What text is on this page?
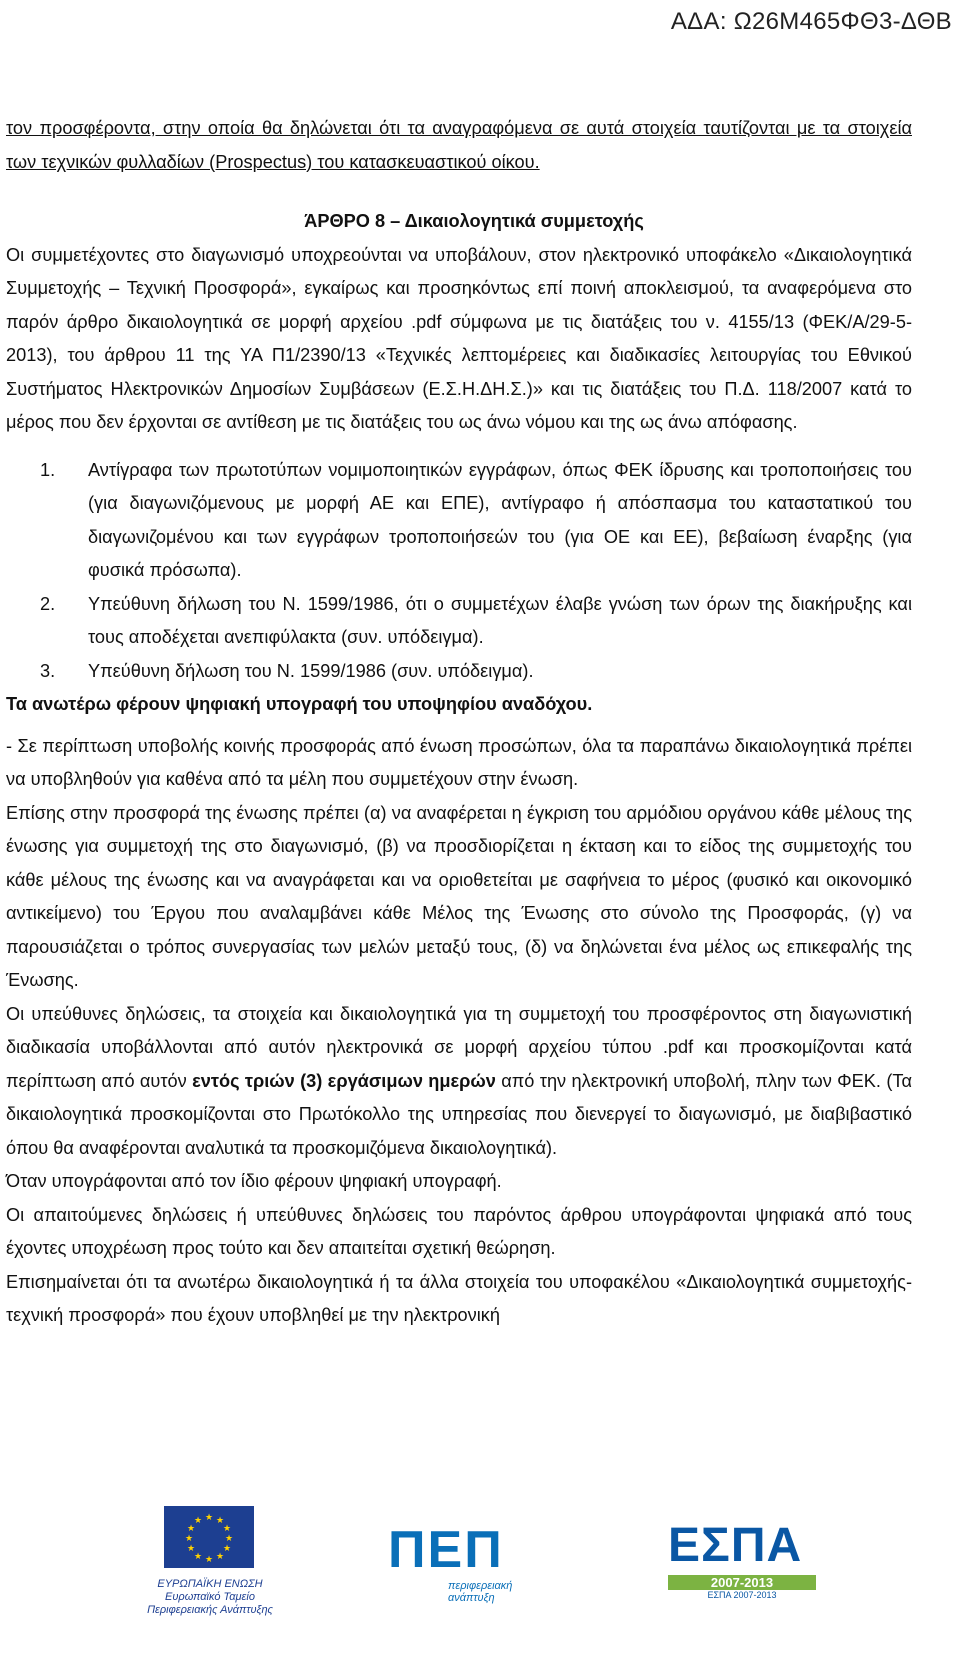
ΑΔΑ: Ω26Μ465ΦΘ3-ΔΘΒ

τον προσφέροντα, στην οποία θα δηλώνεται ότι τα αναγραφόμενα σε αυτά στοιχεία ταυτίζονται με τα στοιχεία των τεχνικών φυλλαδίων (Prospectus) του κατασκευαστικού οίκου.

ΆΡΘΡΟ 8 – Δικαιολογητικά συμμετοχής

Οι συμμετέχοντες στο διαγωνισμό υποχρεούνται να υποβάλουν, στον ηλεκτρονικό υποφάκελο «Δικαιολογητικά Συμμετοχής – Τεχνική Προσφορά», εγκαίρως και προσηκόντως επί ποινή αποκλεισμού, τα αναφερόμενα στο παρόν άρθρο δικαιολογητικά σε μορφή αρχείου .pdf σύμφωνα με τις διατάξεις του ν. 4155/13 (ΦΕΚ/Α/29-5-2013), του άρθρου 11 της ΥΑ Π1/2390/13 «Τεχνικές λεπτομέρειες και διαδικασίες λειτουργίας του Εθνικού Συστήματος Ηλεκτρονικών Δημοσίων Συμβάσεων (Ε.Σ.Η.ΔΗ.Σ.)» και τις διατάξεις του Π.Δ. 118/2007 κατά το μέρος που δεν έρχονται σε αντίθεση με τις διατάξεις του ως άνω νόμου και της ως άνω απόφασης.

1.	Αντίγραφα των πρωτοτύπων νομιμοποιητικών εγγράφων, όπως ΦΕΚ ίδρυσης και τροποποιήσεις του (για διαγωνιζόμενους με μορφή ΑΕ και ΕΠΕ), αντίγραφο ή απόσπασμα του καταστατικού του διαγωνιζομένου και των εγγράφων τροποποιήσεών του (για ΟΕ και ΕΕ), βεβαίωση έναρξης (για φυσικά πρόσωπα).
2.	Υπεύθυνη δήλωση του Ν. 1599/1986, ότι ο συμμετέχων έλαβε γνώση των όρων της διακήρυξης και τους αποδέχεται ανεπιφύλακτα (συν. υπόδειγμα).
3.	Υπεύθυνη δήλωση του Ν. 1599/1986 (συν. υπόδειγμα).

Τα ανωτέρω φέρουν ψηφιακή υπογραφή του υποψηφίου αναδόχου.

- Σε περίπτωση υποβολής κοινής προσφοράς από ένωση προσώπων, όλα τα παραπάνω δικαιολογητικά πρέπει να υποβληθούν για καθένα από τα μέλη που συμμετέχουν στην ένωση.

Επίσης στην προσφορά της ένωσης πρέπει (α) να αναφέρεται η έγκριση του αρμόδιου οργάνου κάθε μέλους της ένωσης για συμμετοχή της στο διαγωνισμό, (β) να προσδιορίζεται η έκταση και το είδος της συμμετοχής του κάθε μέλους της ένωσης και να αναγράφεται και να οριοθετείται με σαφήνεια το μέρος (φυσικό και οικονομικό αντικείμενο) του Έργου που αναλαμβάνει κάθε Μέλος της Ένωσης στο σύνολο της Προσφοράς, (γ) να παρουσιάζεται ο τρόπος συνεργασίας των μελών μεταξύ τους, (δ) να δηλώνεται ένα μέλος ως επικεφαλής της Ένωσης.

Οι υπεύθυνες δηλώσεις, τα στοιχεία και δικαιολογητικά για τη συμμετοχή του προσφέροντος στη διαγωνιστική διαδικασία υποβάλλονται από αυτόν ηλεκτρονικά σε μορφή αρχείου τύπου .pdf και προσκομίζονται κατά περίπτωση από αυτόν εντός τριών (3) εργάσιμων ημερών από την ηλεκτρονική υποβολή, πλην των ΦΕΚ. (Τα δικαιολογητικά προσκομίζονται στο Πρωτόκολλο της υπηρεσίας που διενεργεί το διαγωνισμό, με διαβιβαστικό όπου θα αναφέρονται αναλυτικά τα προσκομιζόμενα δικαιολογητικά).

Όταν υπογράφονται από τον ίδιο φέρουν ψηφιακή υπογραφή.

Οι απαιτούμενες δηλώσεις ή υπεύθυνες δηλώσεις του παρόντος άρθρου υπογράφονται ψηφιακά από τους έχοντες υποχρέωση προς τούτο και δεν απαιτείται σχετική θεώρηση.

Επισημαίνεται ότι τα ανωτέρω δικαιολογητικά ή τα άλλα στοιχεία του υποφακέλου «Δικαιολογητικά συμμετοχής-τεχνική προσφορά» που έχουν υποβληθεί με την ηλεκτρονική

★ ★
★
★
★
★
★
★
★
★
★
★
ΕΥΡΩΠΑΪΚΗ ΕΝΩΣΗ Ευρωπαϊκό Ταμείο Περιφερειακής Ανάπτυξης
ΠΕΠ
περιφερειακή ανάπτυξη
ΕΣΠΑ
2007-2013
ΕΣΠΑ 2007-2013
